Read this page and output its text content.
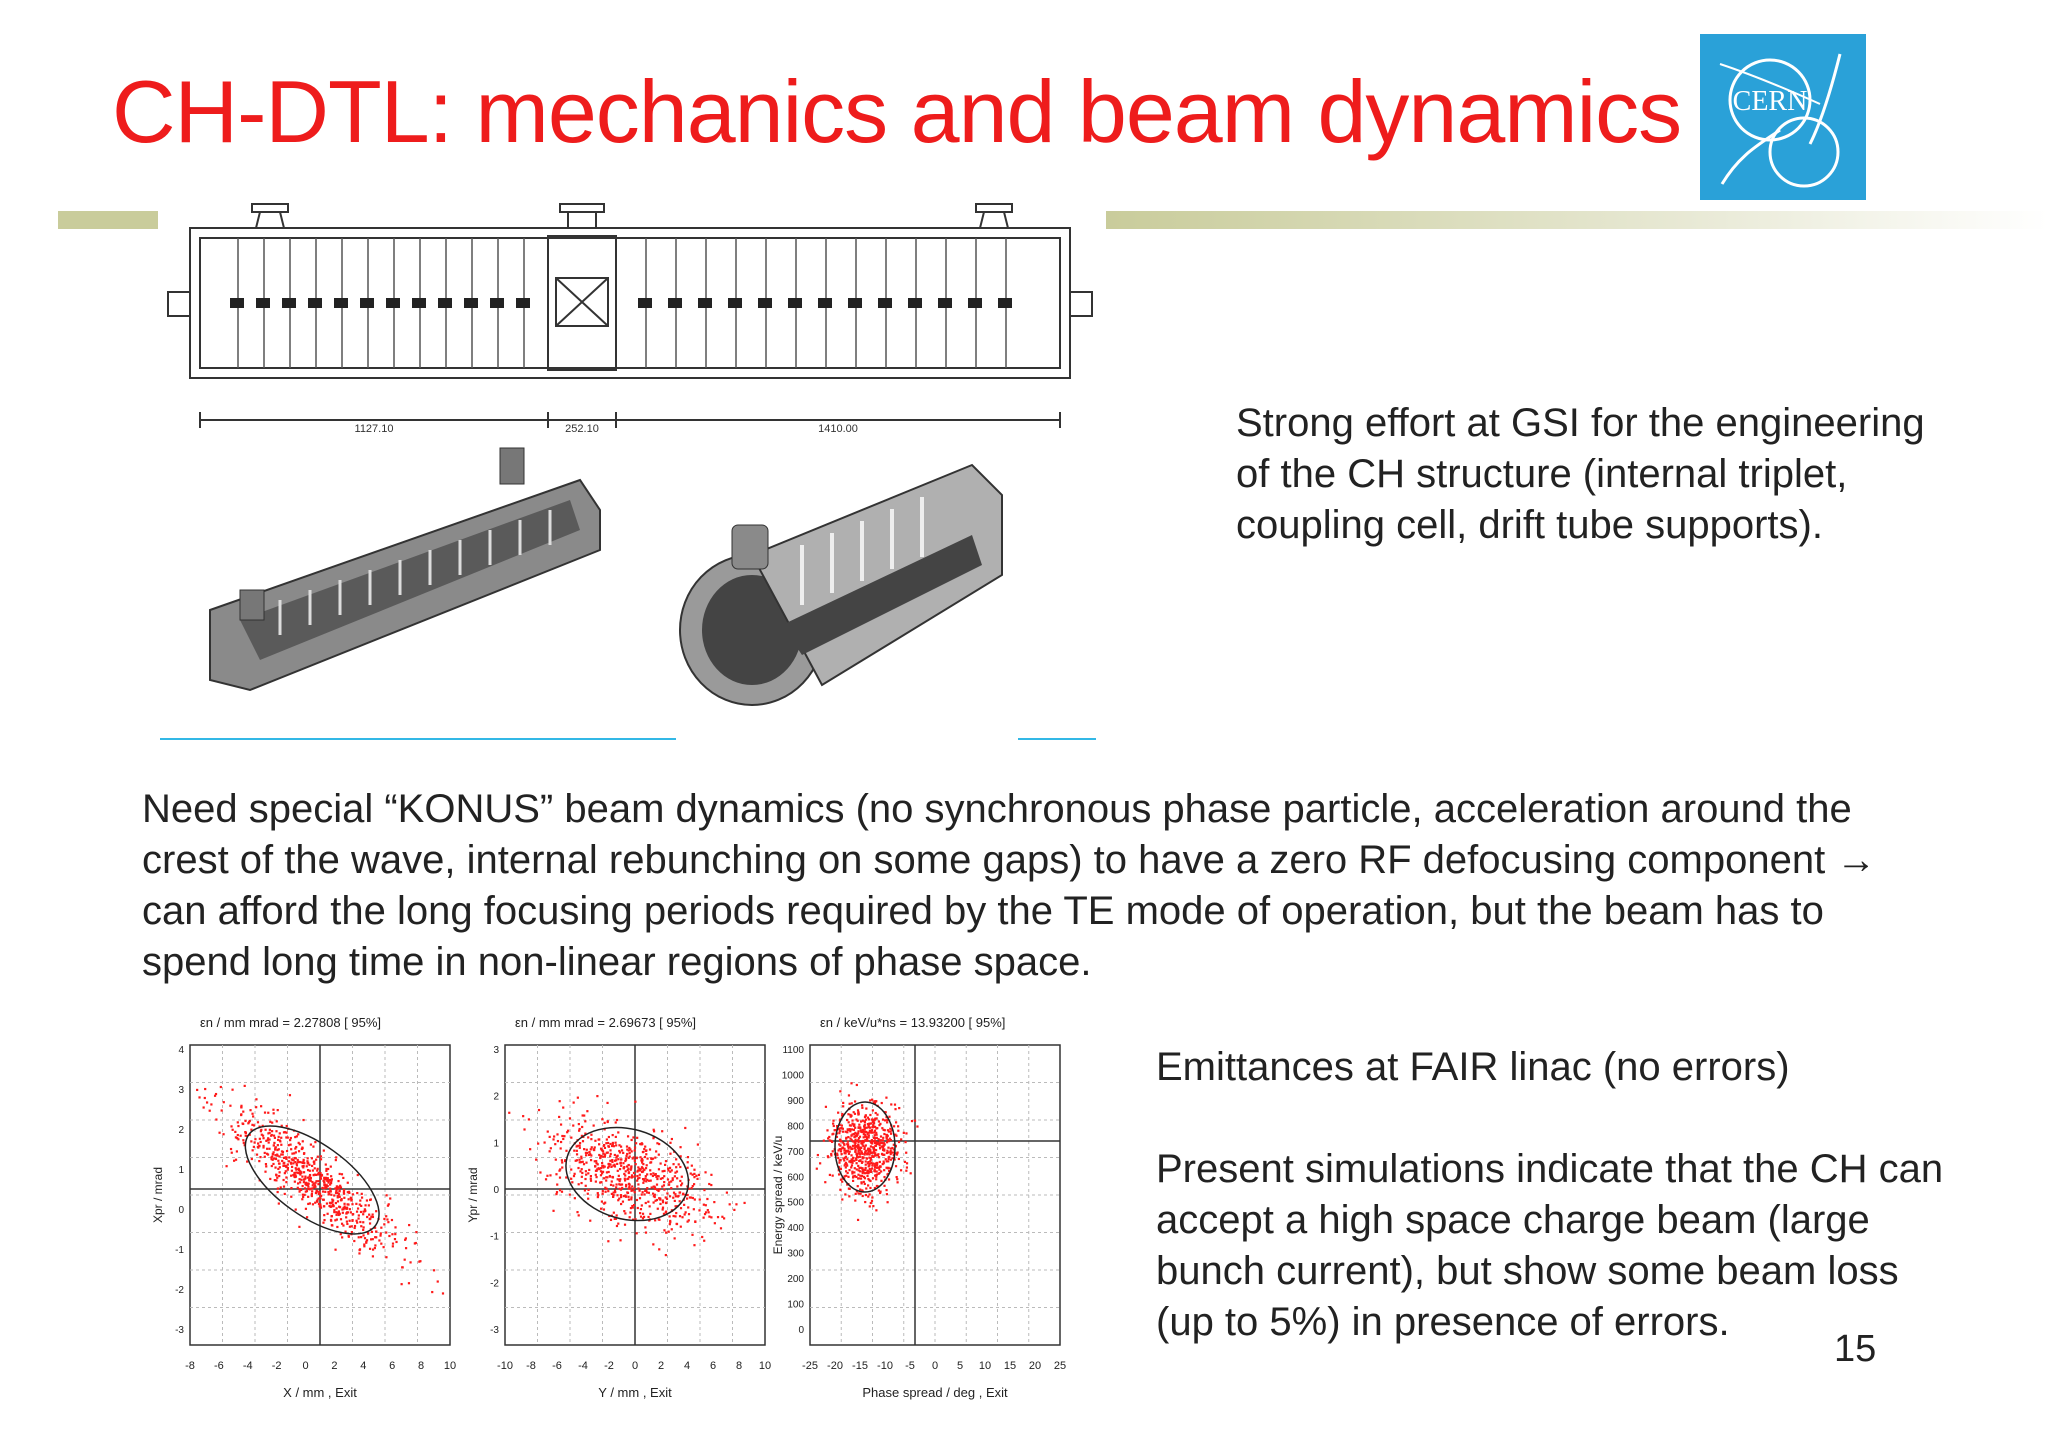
CH-DTL: mechanics and beam dynamics CERN
1127.10	252.10	1410.00	Strong effort at GSI for the engineering of the CH structure (internal triplet, coupling cell, drift tube supports).
Need special “KONUS” beam dynamics (no synchronous phase particle, acceleration around the crest of the wave, internal rebunching on some gaps) to have a zero RF defocusing component → can afford the long focusing periods required by the TE mode of operation, but the beam has to spend long time in non-linear regions of phase space.
εn / mm mrad = 2.27808 [ 95%]
X / mm , Exit
Xpr / mrad
-8 -6 -4 -2 0 2 4 6 8 10
4
3
2
1
0
-1
-2
-3
εn / mm mrad = 2.69673 [ 95%]
Y / mm , Exit
Ypr / mrad
-10 -8 -6 -4 -2 0 2 4 6 8 10
3
2
1
0
-1
-2
-3
εn / keV/u*ns = 13.93200 [ 95%]
Phase spread / deg , Exit
Energy spread / keV/u
-25 -20 -15 -10 -5 0 5 10 15 20 25
1100
1000
900
800
700
600
500
400
300
200
100
0
Emittances at FAIR linac (no errors)
Present simulations indicate that the CH can accept a high space charge beam (large bunch current), but show some beam loss (up to 5%) in presence of errors.
15
